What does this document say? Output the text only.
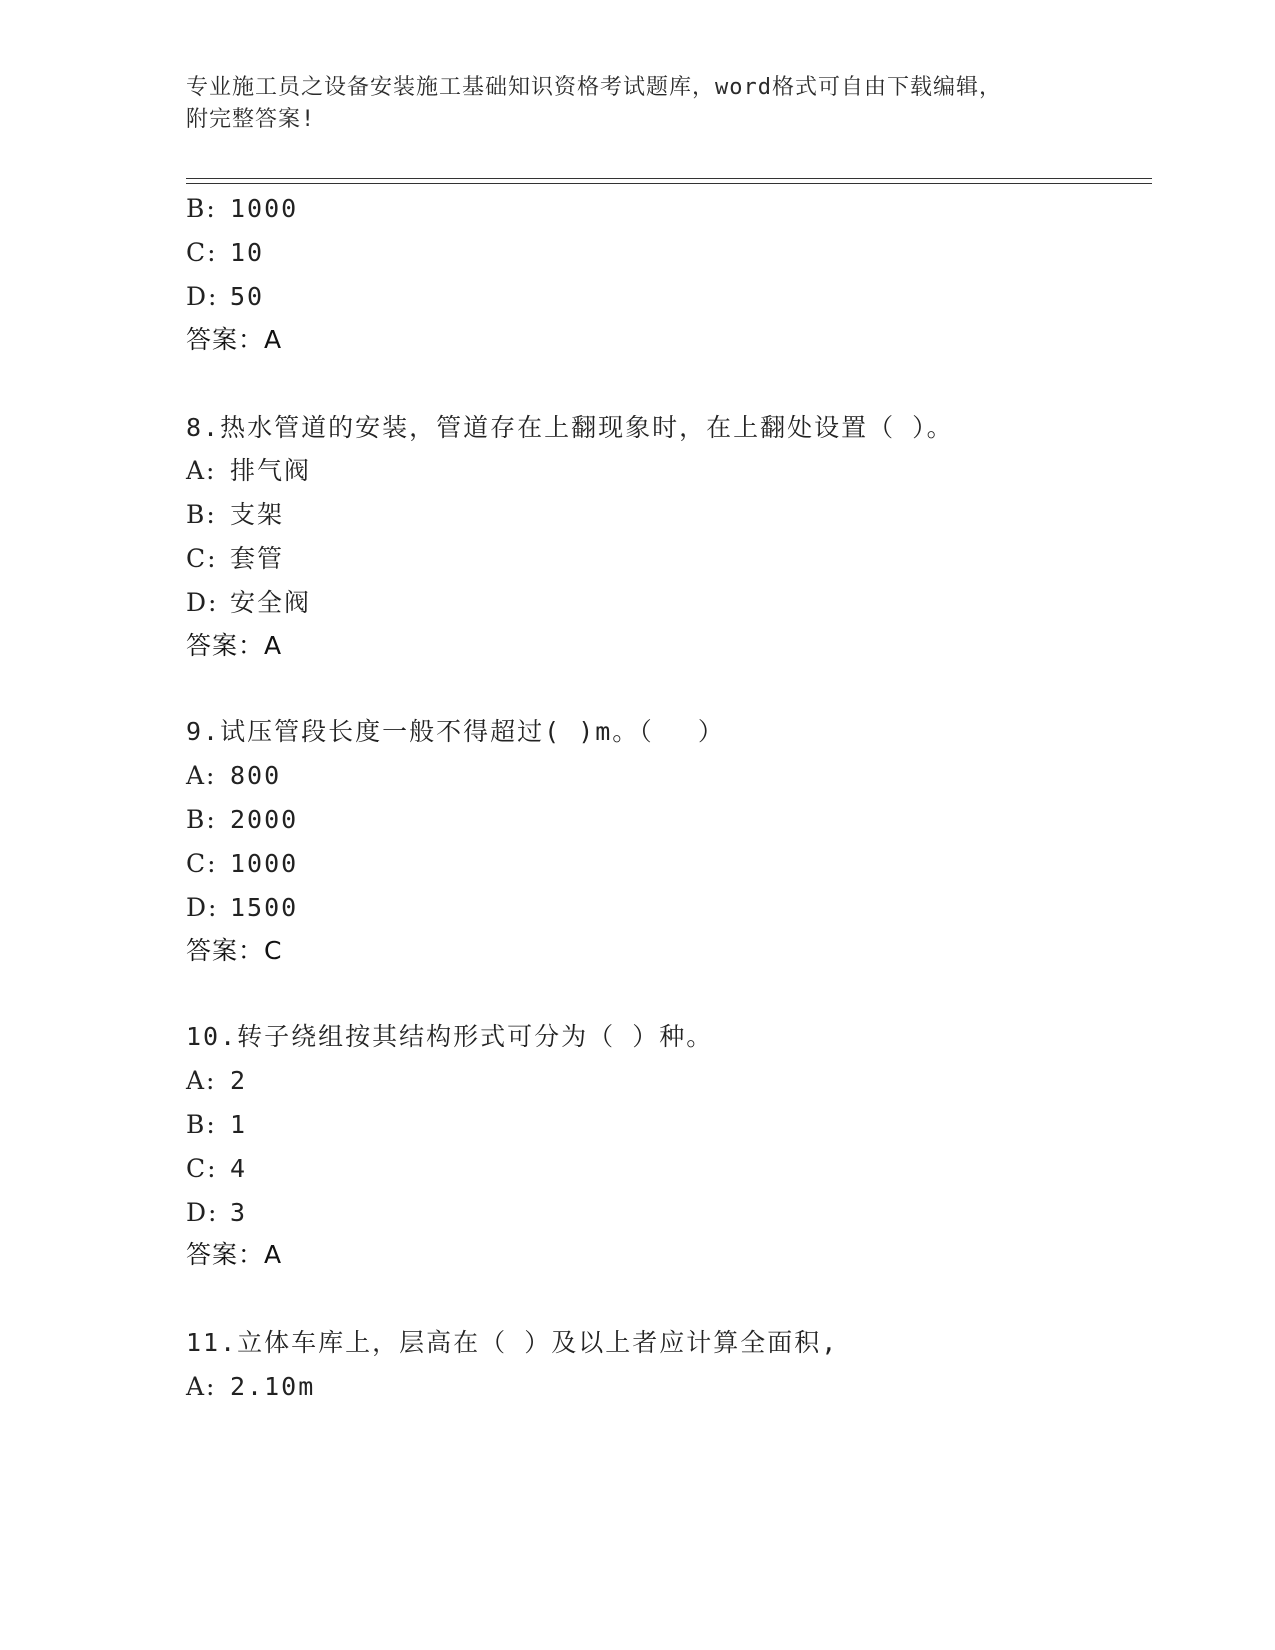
专业施工员之设备安装施工基础知识资格考试题库，word格式可自由下载编辑，
附完整答案!
B: 1000
C: 10
D: 50
答案：A
8.热水管道的安装，管道存在上翻现象时，在上翻处设置（ ）。
A: 排气阀
B: 支架
C: 套管
D: 安全阀
答案：A
9.试压管段长度一般不得超过( )m。（　 ）
A: 800
B: 2000
C: 1000
D: 1500
答案：C
10.转子绕组按其结构形式可分为（ ）种。
A: 2
B: 1
C: 4
D: 3
答案：A
11.立体车库上，层高在（ ）及以上者应计算全面积,
A: 2.10m
